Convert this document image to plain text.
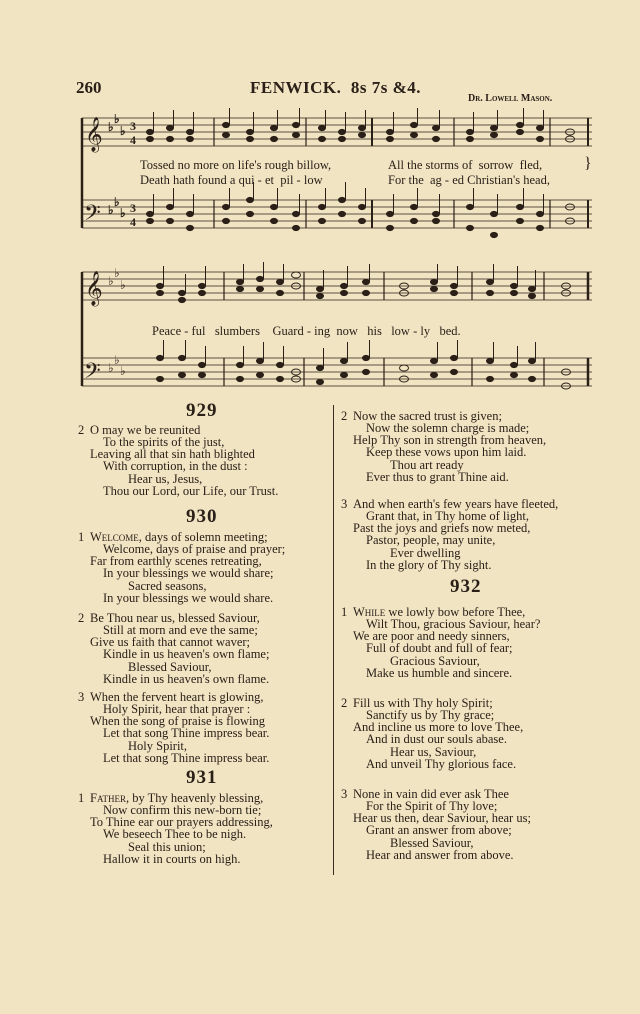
260	FENWICK. 8s 7s &4.
Dr. Lowell Mason.
𝄞
𝄢
♭
♭
♭
♭
♭
♭
3
4
3
4
}
Tossed no more on life's rough billow,	All the storms of  sorrow  fled,
Death hath found a qui - et  pil - low	For the  ag - ed Christian's head,
𝄞
𝄢
♭
♭
♭
♭
♭
♭
Peace - ful   slumbers    Guard - ing  now   his   low - ly   bed.
929
2 O may we be reunited
To the spirits of the just,
Leaving all that sin hath blighted
With corruption, in the dust :
Hear us, Jesus,
Thou our Lord, our Life, our Trust.
930
1 Welcome, days of solemn meeting;
Welcome, days of praise and prayer;
Far from earthly scenes retreating,
In your blessings we would share;
Sacred seasons,
In your blessings we would share.
2 Be Thou near us, blessed Saviour,
Still at morn and eve the same;
Give us faith that cannot waver;
Kindle in us heaven's own flame;
Blessed Saviour,
Kindle in us heaven's own flame.
3 When the fervent heart is glowing,
Holy Spirit, hear that prayer :
When the song of praise is flowing
Let that song Thine impress bear.
Holy Spirit,
Let that song Thine impress bear.
931
1 Father, by Thy heavenly blessing,
Now confirm this new-born tie;
To Thine ear our prayers addressing,
We beseech Thee to be nigh.
Seal this union;
Hallow it in courts on high.
2 Now the sacred trust is given;
Now the solemn charge is made;
Help Thy son in strength from heaven,
Keep these vows upon him laid.
Thou art ready
Ever thus to grant Thine aid.
3 And when earth's few years have fleeted,
Grant that, in Thy home of light,
Past the joys and griefs now meted,
Pastor, people, may unite,
Ever dwelling
In the glory of Thy sight.
932
1 While we lowly bow before Thee,
Wilt Thou, gracious Saviour, hear?
We are poor and needy sinners,
Full of doubt and full of fear;
Gracious Saviour,
Make us humble and sincere.
2 Fill us with Thy holy Spirit;
Sanctify us by Thy grace;
And incline us more to love Thee,
And in dust our souls abase.
Hear us, Saviour,
And unveil Thy glorious face.
3 None in vain did ever ask Thee
For the Spirit of Thy love;
Hear us then, dear Saviour, hear us;
Grant an answer from above;
Blessed Saviour,
Hear and answer from above.
